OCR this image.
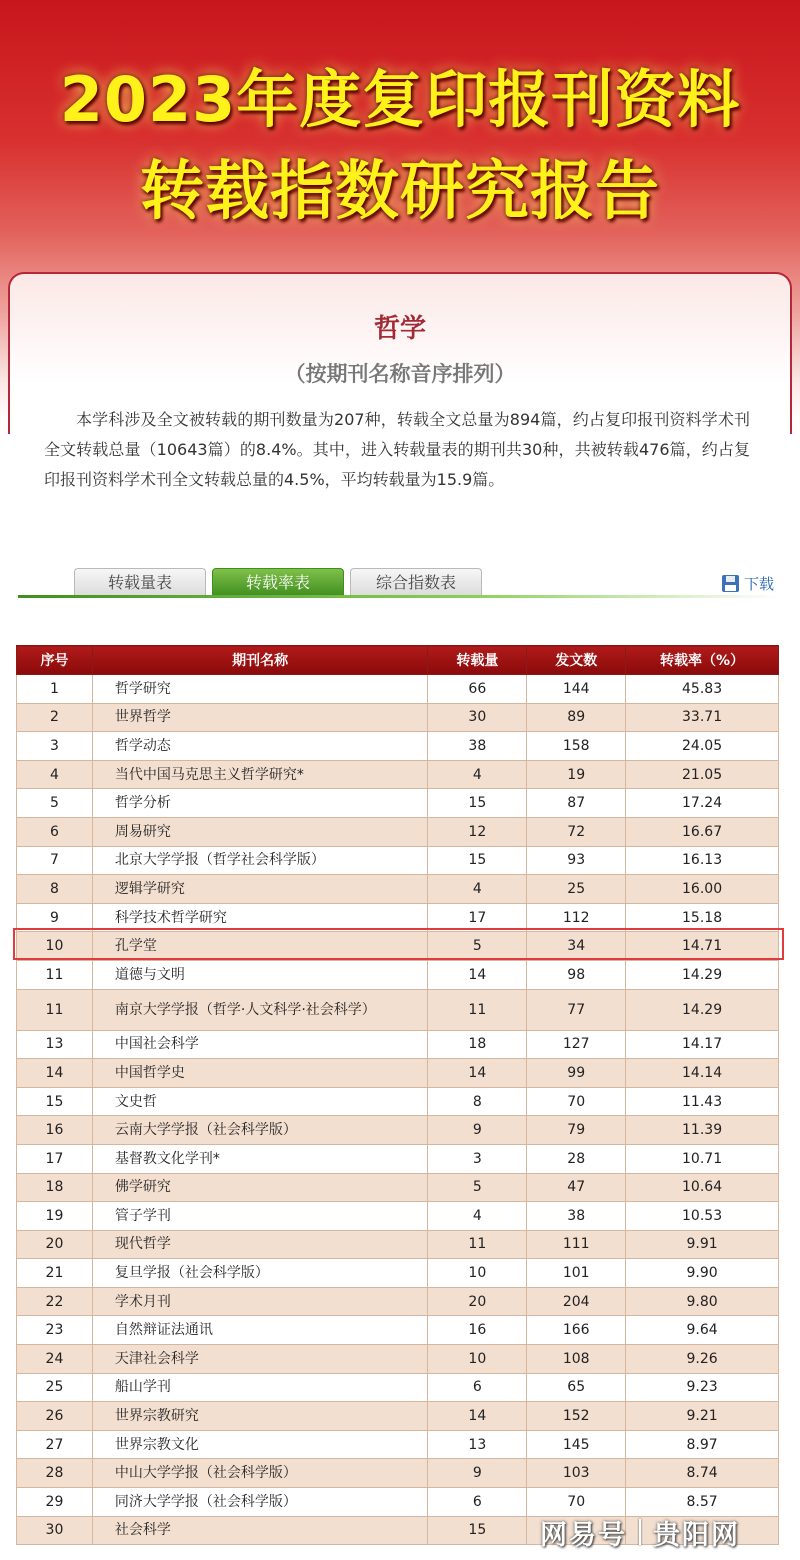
2023年度复印报刊资料
转载指数研究报告
哲学
（按期刊名称音序排列）
本学科涉及全文被转载的期刊数量为207种，转载全文总量为894篇，约占复印报刊资料学术刊全文转载总量（10643篇）的8.4%。其中，进入转载量表的期刊共30种，共被转载476篇，约占复印报刊资料学术刊全文转载总量的4.5%，平均转载量为15.9篇。
转载量表	转载率表	综合指数表	下载
序号	期刊名称	转载量	发文数	转载率（%）
1	哲学研究	66	144	45.83
2	世界哲学	30	89	33.71
3	哲学动态	38	158	24.05
4	当代中国马克思主义哲学研究*	4	19	21.05
5	哲学分析	15	87	17.24
6	周易研究	12	72	16.67
7	北京大学学报（哲学社会科学版）	15	93	16.13
8	逻辑学研究	4	25	16.00
9	科学技术哲学研究	17	112	15.18
10	孔学堂	5	34	14.71
11	道德与文明	14	98	14.29
11	南京大学学报（哲学·人文科学·社会科学）	11	77	14.29
13	中国社会科学	18	127	14.17
14	中国哲学史	14	99	14.14
15	文史哲	8	70	11.43
16	云南大学学报（社会科学版）	9	79	11.39
17	基督教文化学刊*	3	28	10.71
18	佛学研究	5	47	10.64
19	管子学刊	4	38	10.53
20	现代哲学	11	111	9.91
21	复旦学报（社会科学版）	10	101	9.90
22	学术月刊	20	204	9.80
23	自然辩证法通讯	16	166	9.64
24	天津社会科学	10	108	9.26
25	船山学刊	6	65	9.23
26	世界宗教研究	14	152	9.21
27	世界宗教文化	13	145	8.97
28	中山大学学报（社会科学版）	9	103	8.74
29	同济大学学报（社会科学版）	6	70	8.57
30	社会科学	15		网易号 贵阳网
